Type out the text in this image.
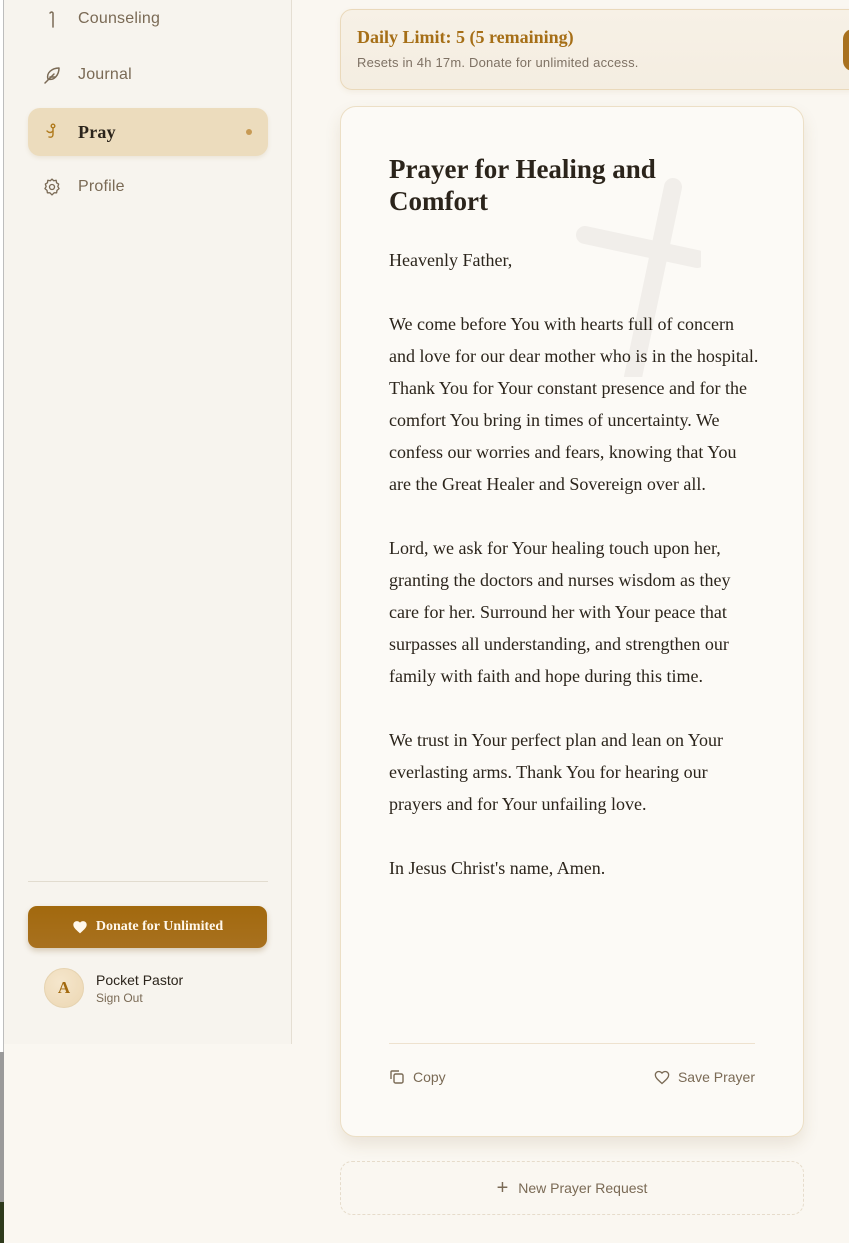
Counseling
Journal
Pray
Profile
Donate for Unlimited
A	Pocket Pastor
Sign Out
Daily Limit: 5 (5 remaining)
Resets in 4h 17m. Donate for unlimited access.
Prayer for Healing and Comfort

Heavenly Father,

We come before You with hearts full of concern and love for our dear mother who is in the hospital. Thank You for Your constant presence and for the comfort You bring in times of uncertainty. We confess our worries and fears, knowing that You are the Great Healer and Sovereign over all.

Lord, we ask for Your healing touch upon her, granting the doctors and nurses wisdom as they care for her. Surround her with Your peace that surpasses all understanding, and strengthen our family with faith and hope during this time.

We trust in Your perfect plan and lean on Your everlasting arms. Thank You for hearing our prayers and for Your unfailing love.

In Jesus Christ's name, Amen.

Copy	Save Prayer
+ New Prayer Request
